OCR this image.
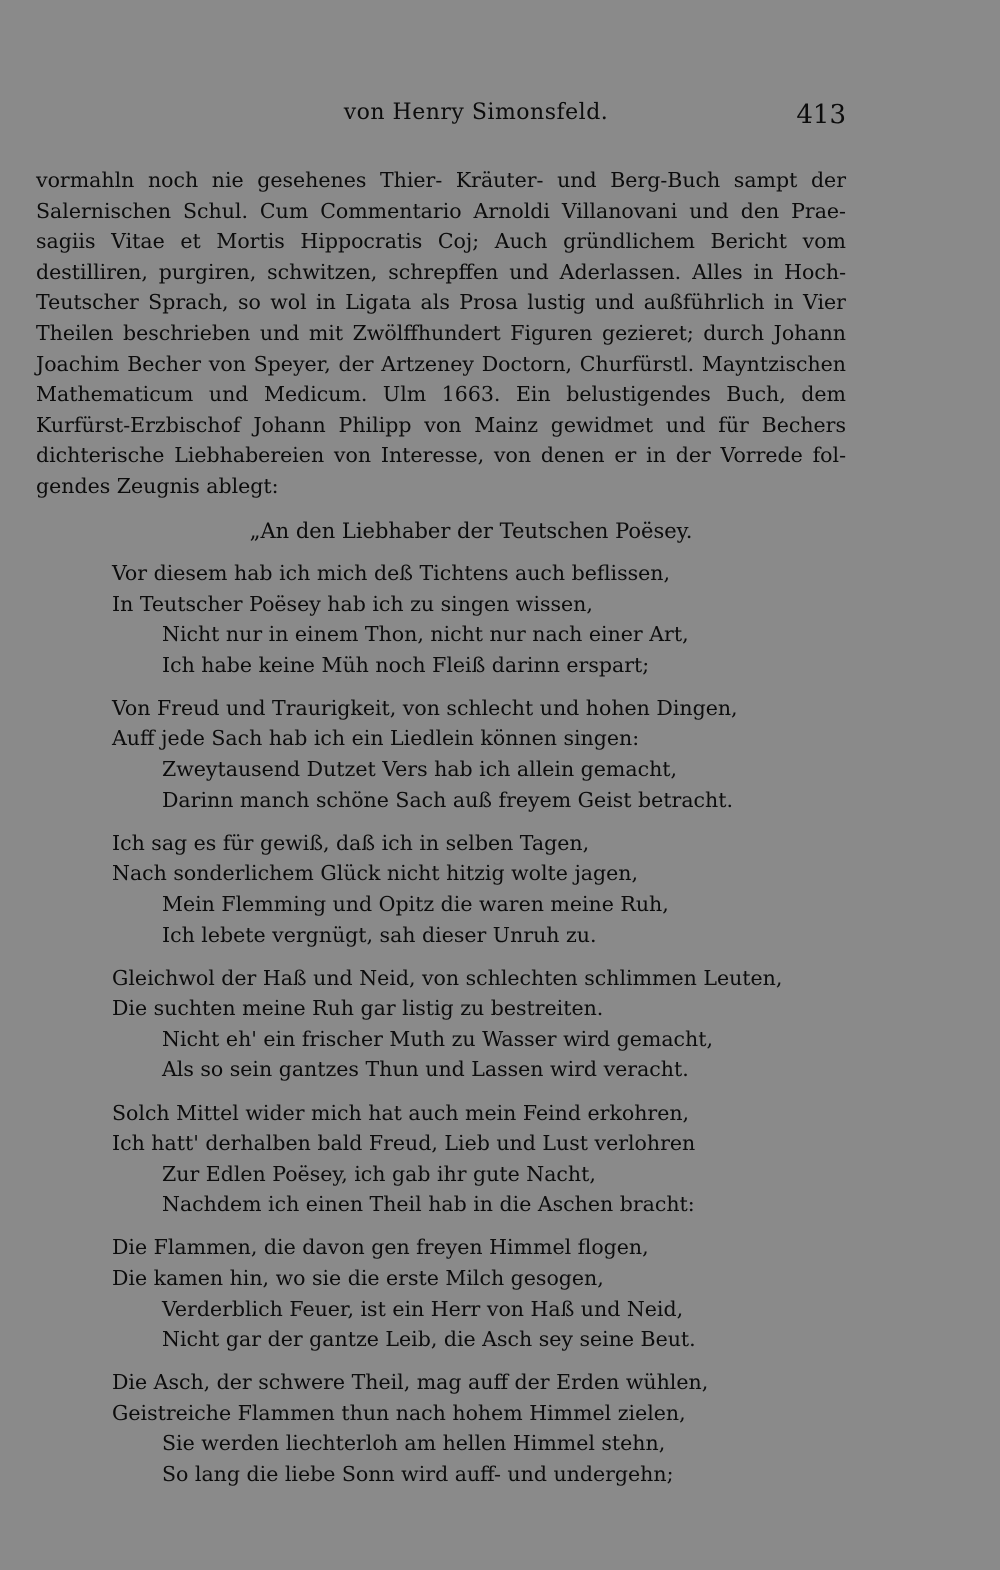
von Henry Simonsfeld.	413
vormahln noch nie gesehenes Thier- Kräuter- und Berg-Buch sampt der
Salernischen Schul. Cum Commentario Arnoldi Villanovani und den Prae-
sagiis Vitae et Mortis Hippocratis Coj; Auch gründlichem Bericht vom
destilliren, purgiren, schwitzen, schrepffen und Aderlassen. Alles in Hoch-
Teutscher Sprach, so wol in Ligata als Prosa lustig und außführlich in Vier
Theilen beschrieben und mit Zwölffhundert Figuren gezieret; durch Johann
Joachim Becher von Speyer, der Artzeney Doctorn, Churfürstl. Mayntzischen
Mathematicum und Medicum. Ulm 1663. Ein belustigendes Buch, dem
Kurfürst-Erzbischof Johann Philipp von Mainz gewidmet und für Bechers
dichterische Liebhabereien von Interesse, von denen er in der Vorrede fol-
gendes Zeugnis ablegt:
„An den Liebhaber der Teutschen Poësey.
Vor diesem hab ich mich deß Tichtens auch beflissen,
In Teutscher Poësey hab ich zu singen wissen,
Nicht nur in einem Thon, nicht nur nach einer Art,
Ich habe keine Müh noch Fleiß darinn erspart;
Von Freud und Traurigkeit, von schlecht und hohen Dingen,
Auff jede Sach hab ich ein Liedlein können singen:
Zweytausend Dutzet Vers hab ich allein gemacht,
Darinn manch schöne Sach auß freyem Geist betracht.
Ich sag es für gewiß, daß ich in selben Tagen,
Nach sonderlichem Glück nicht hitzig wolte jagen,
Mein Flemming und Opitz die waren meine Ruh,
Ich lebete vergnügt, sah dieser Unruh zu.
Gleichwol der Haß und Neid, von schlechten schlimmen Leuten,
Die suchten meine Ruh gar listig zu bestreiten.
Nicht eh' ein frischer Muth zu Wasser wird gemacht,
Als so sein gantzes Thun und Lassen wird veracht.
Solch Mittel wider mich hat auch mein Feind erkohren,
Ich hatt' derhalben bald Freud, Lieb und Lust verlohren
Zur Edlen Poësey, ich gab ihr gute Nacht,
Nachdem ich einen Theil hab in die Aschen bracht:
Die Flammen, die davon gen freyen Himmel flogen,
Die kamen hin, wo sie die erste Milch gesogen,
Verderblich Feuer, ist ein Herr von Haß und Neid,
Nicht gar der gantze Leib, die Asch sey seine Beut.
Die Asch, der schwere Theil, mag auff der Erden wühlen,
Geistreiche Flammen thun nach hohem Himmel zielen,
Sie werden liechterloh am hellen Himmel stehn,
So lang die liebe Sonn wird auff- und undergehn;
